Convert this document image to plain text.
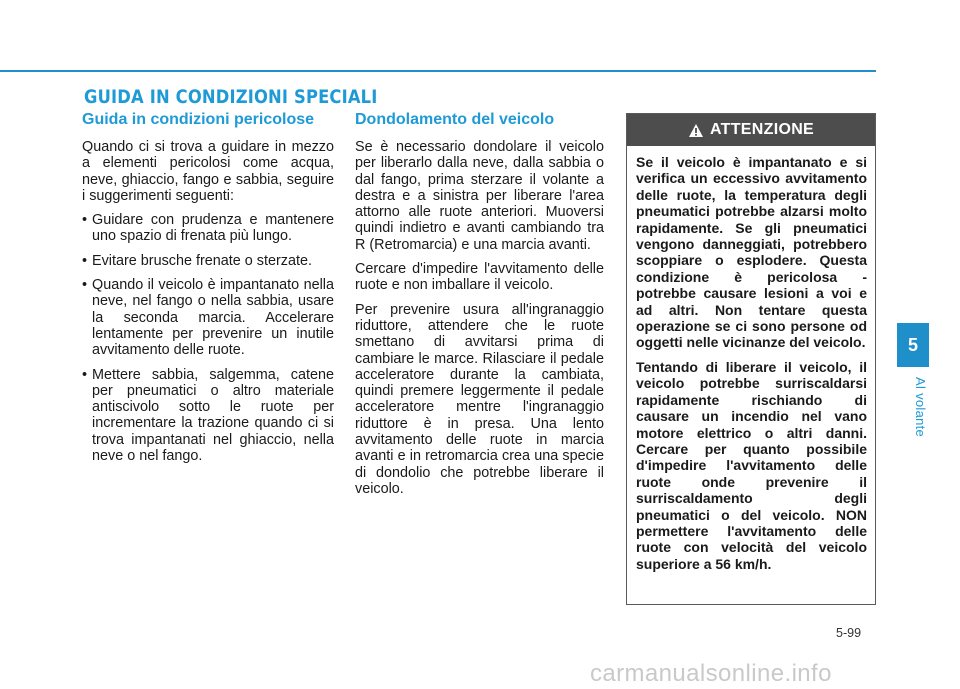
GUIDA IN CONDIZIONI SPECIALI
Guida in condizioni pericolose

Quando ci si trova a guidare in mezzo a elementi pericolosi come acqua, neve, ghiaccio, fango e sabbia, seguire i suggerimenti seguenti:

• Guidare con prudenza e mantenere uno spazio di frenata più lungo.
• Evitare brusche frenate o sterzate.
• Quando il veicolo è impantanato nella neve, nel fango o nella sabbia, usare la seconda marcia. Accelerare lentamente per prevenire un inutile avvitamento delle ruote.
• Mettere sabbia, salgemma, catene per pneumatici o altro materiale antiscivolo sotto le ruote per incrementare la trazione quando ci si trova impantanati nel ghiaccio, nella neve o nel fango.
Dondolamento del veicolo

Se è necessario dondolare il veicolo per liberarlo dalla neve, dalla sabbia o dal fango, prima sterzare il volante a destra e a sinistra per liberare l'area attorno alle ruote anteriori. Muoversi quindi indietro e avanti cambiando tra R (Retromarcia) e una marcia avanti.

Cercare d'impedire l'avvitamento delle ruote e non imballare il veicolo.

Per prevenire usura all'ingranaggio riduttore, attendere che le ruote smettano di avvitarsi prima di cambiare le marce. Rilasciare il pedale acceleratore durante la cambiata, quindi premere leggermente il pedale acceleratore mentre l'ingranaggio riduttore è in presa. Una lento avvitamento delle ruote in marcia avanti e in retromarcia crea una specie di dondolio che potrebbe liberare il veicolo.

ATTENZIONE

Se il veicolo è impantanato e si verifica un eccessivo avvitamento delle ruote, la temperatura degli pneumatici potrebbe alzarsi molto rapidamente. Se gli pneumatici vengono danneggiati, potrebbero scoppiare o esplodere. Questa condizione è pericolosa - potrebbe causare lesioni a voi e ad altri. Non tentare questa operazione se ci sono persone od oggetti nelle vicinanze del veicolo.

Tentando di liberare il veicolo, il veicolo potrebbe surriscaldarsi rapidamente rischiando di causare un incendio nel vano motore elettrico o altri danni. Cercare per quanto possibile d'impedire l'avvitamento delle ruote onde prevenire il surriscaldamento degli pneumatici o del veicolo. NON permettere l'avvitamento delle ruote con velocità del veicolo superiore a 56 km/h.

5
Al volante
5-99
carmanualsonline.info
